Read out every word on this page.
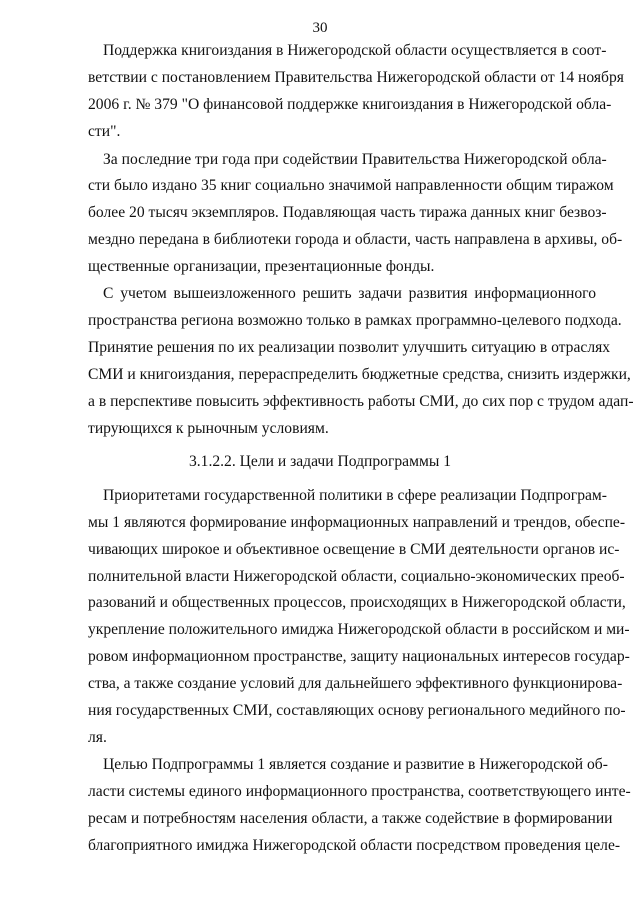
30
Поддержка книгоиздания в Нижегородской области осуществляется в соот-
ветствии с постановлением Правительства Нижегородской области от 14 ноября
2006 г. № 379 "О финансовой поддержке книгоиздания в Нижегородской обла-
сти".
За последние три года при содействии Правительства Нижегородской обла-
сти было издано 35 книг социально значимой направленности общим тиражом
более 20 тысяч экземпляров. Подавляющая часть тиража данных книг безвоз-
мездно передана в библиотеки города и области, часть направлена в архивы, об-
щественные организации, презентационные фонды.
С учетом вышеизложенного решить задачи развития информационного
пространства региона возможно только в рамках программно-целевого подхода.
Принятие решения по их реализации позволит улучшить ситуацию в отраслях
СМИ и книгоиздания, перераспределить бюджетные средства, снизить издержки,
а в перспективе повысить эффективность работы СМИ, до сих пор с трудом адап-
тирующихся к рыночным условиям.
3.1.2.2. Цели и задачи Подпрограммы 1
Приоритетами государственной политики в сфере реализации Подпрограм-
мы 1 являются формирование информационных направлений и трендов, обеспе-
чивающих широкое и объективное освещение в СМИ деятельности органов ис-
полнительной власти Нижегородской области, социально-экономических преоб-
разований и общественных процессов, происходящих в Нижегородской области,
укрепление положительного имиджа Нижегородской области в российском и ми-
ровом информационном пространстве, защиту национальных интересов государ-
ства, а также создание условий для дальнейшего эффективного функционирова-
ния государственных СМИ, составляющих основу регионального медийного по-
ля.
Целью Подпрограммы 1 является создание и развитие в Нижегородской об-
ласти системы единого информационного пространства, соответствующего инте-
ресам и потребностям населения области, а также содействие в формировании
благоприятного имиджа Нижегородской области посредством проведения целе-
